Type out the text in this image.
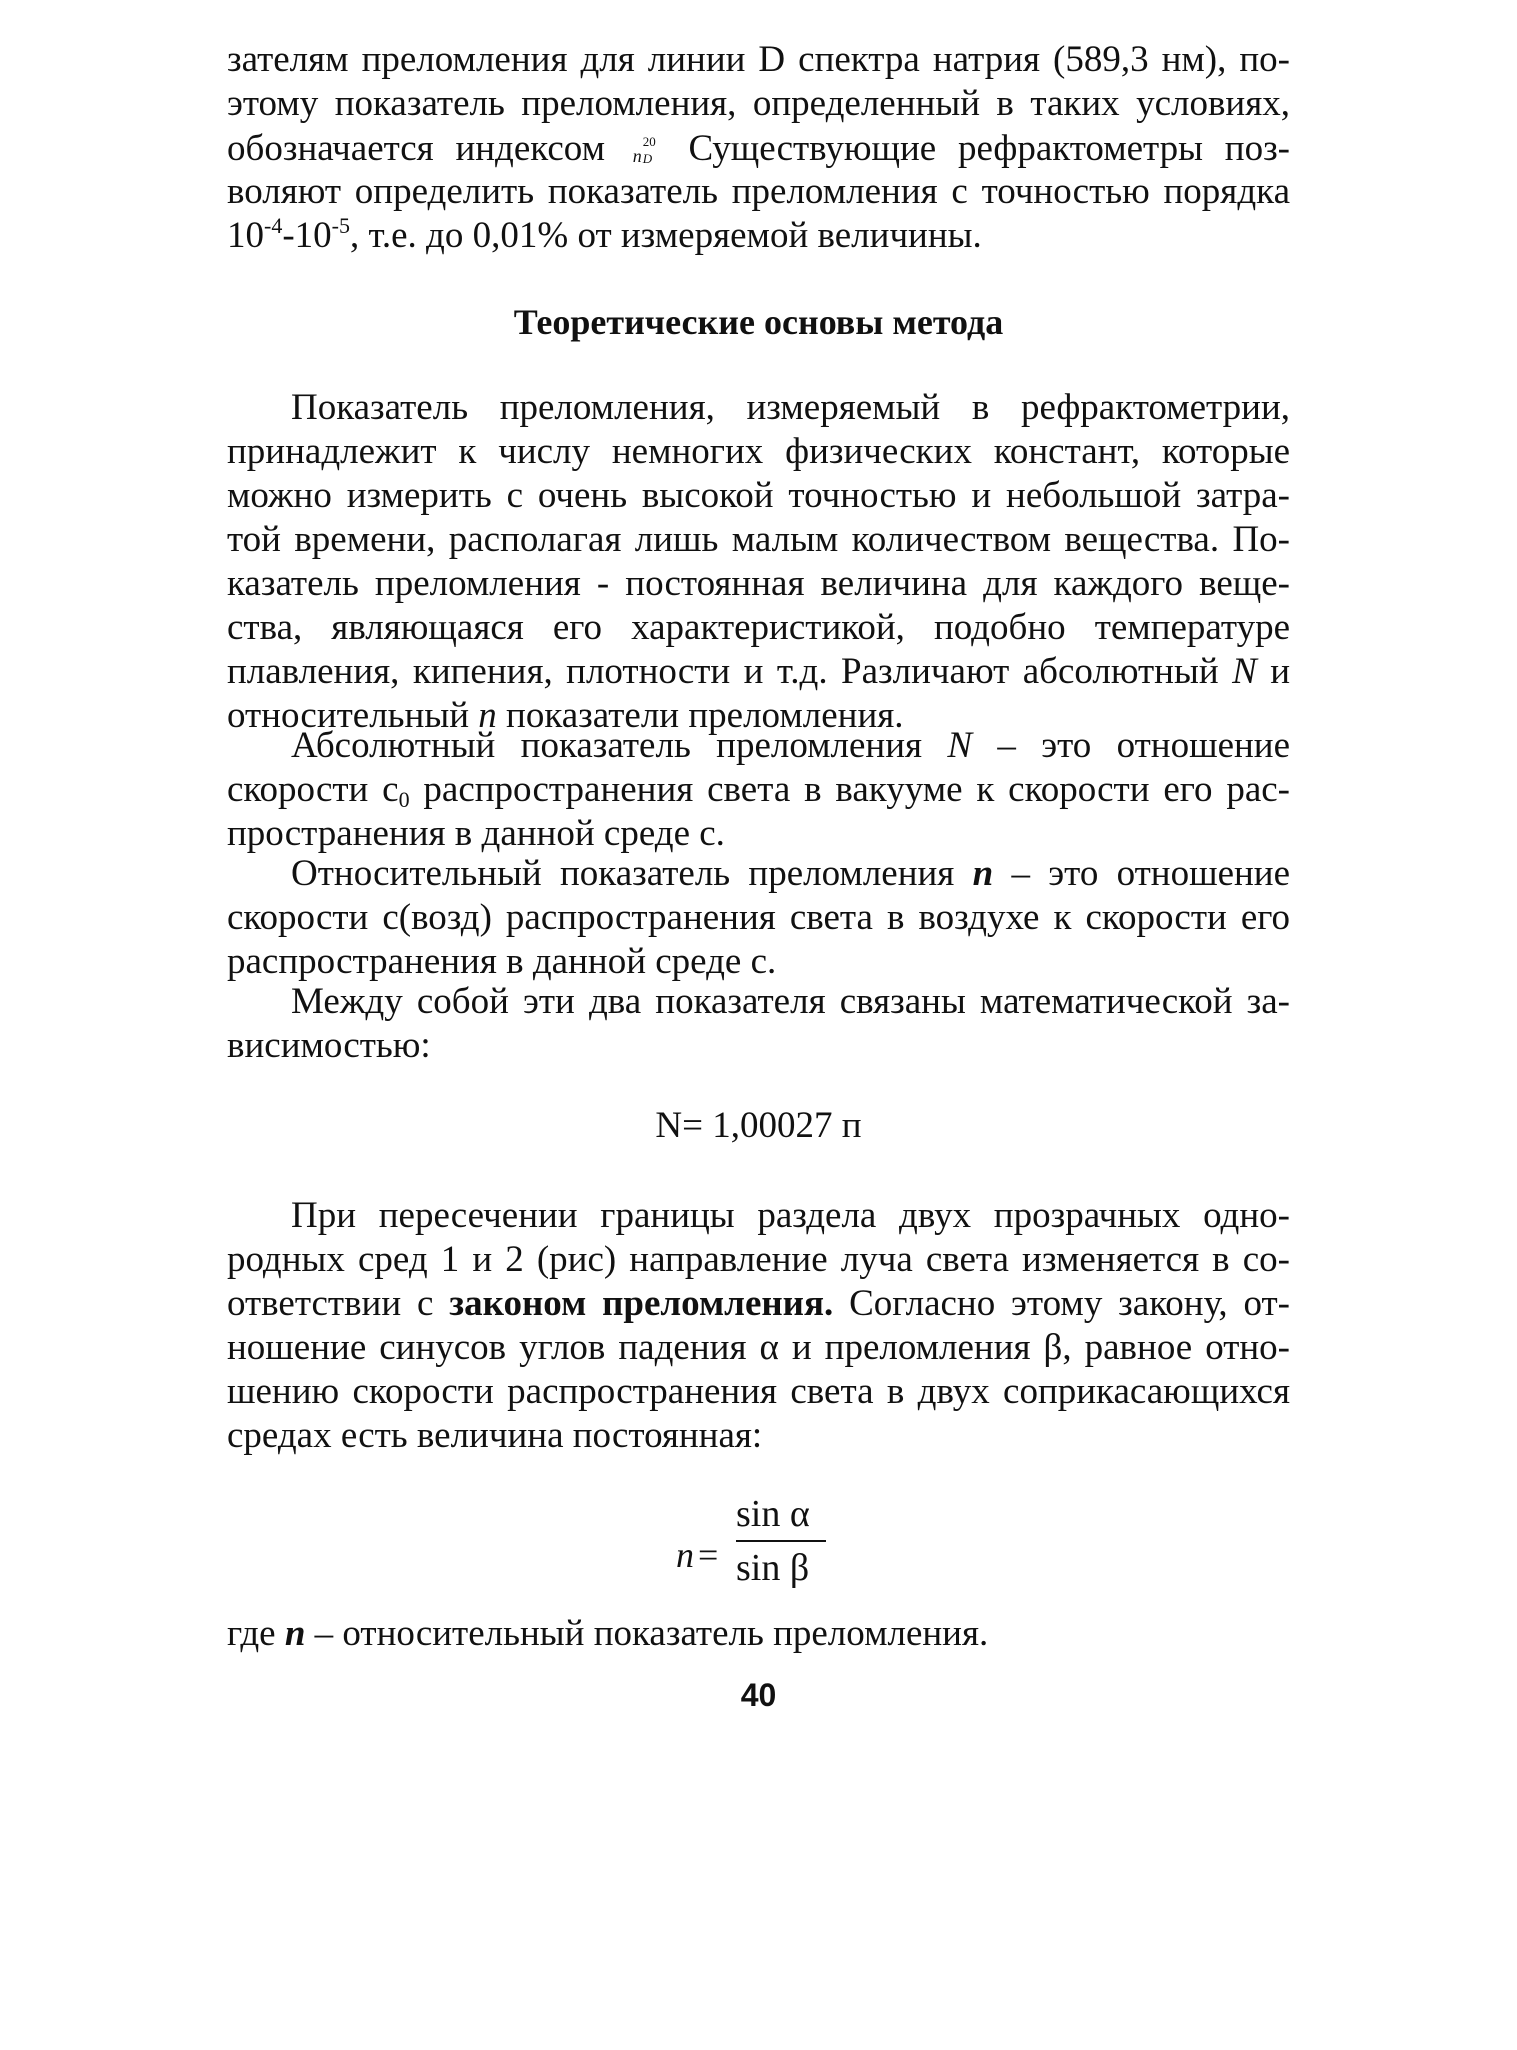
зателям преломления для линии D спектра натрия (589,3 нм), по-
этому показатель преломления, определенный в таких условиях,
обозначается индексом n D
20 Существующие рефрактометры поз-
воляют определить показатель преломления с точностью порядка
$10^{-4}-10^{-5}$, т.е. до 0,01% от измеряемой величины.
Теоретические основы метода
Показатель преломления, измеряемый в рефрактометрии,
принадлежит к числу немногих физических констант, которые
можно измерить с очень высокой точностью и небольшой затра-
той времени, располагая лишь малым количеством вещества. По-
казатель преломления - постоянная величина для каждого веще-
ства, являющаяся его характеристикой, подобно температуре
плавления, кипения, плотности и т.д. Различают абсолютный N и
относительный n показатели преломления.
Абсолютный показатель преломления N – это отношение
скорости $c_0$ распространения света в вакууме к скорости его рас-
пространения в данной среде с.
Относительный показатель преломления n – это отношение
скорости с(возд) распространения света в воздухе к скорости его
распространения в данной среде с.
Между собой эти два показателя связаны математической за-
висимостью:
N= 1,00027 п
При пересечении границы раздела двух прозрачных одно-
родных сред 1 и 2 (рис) направление луча света изменяется в со-
ответствии с законом преломления. Согласно этому закону, от-
ношение синусов углов падения α и преломления β, равное отно-
шению скорости распространения света в двух соприкасающихся
средах есть величина постоянная:
n =
sin α
sin β
где n – относительный показатель преломления.
40
